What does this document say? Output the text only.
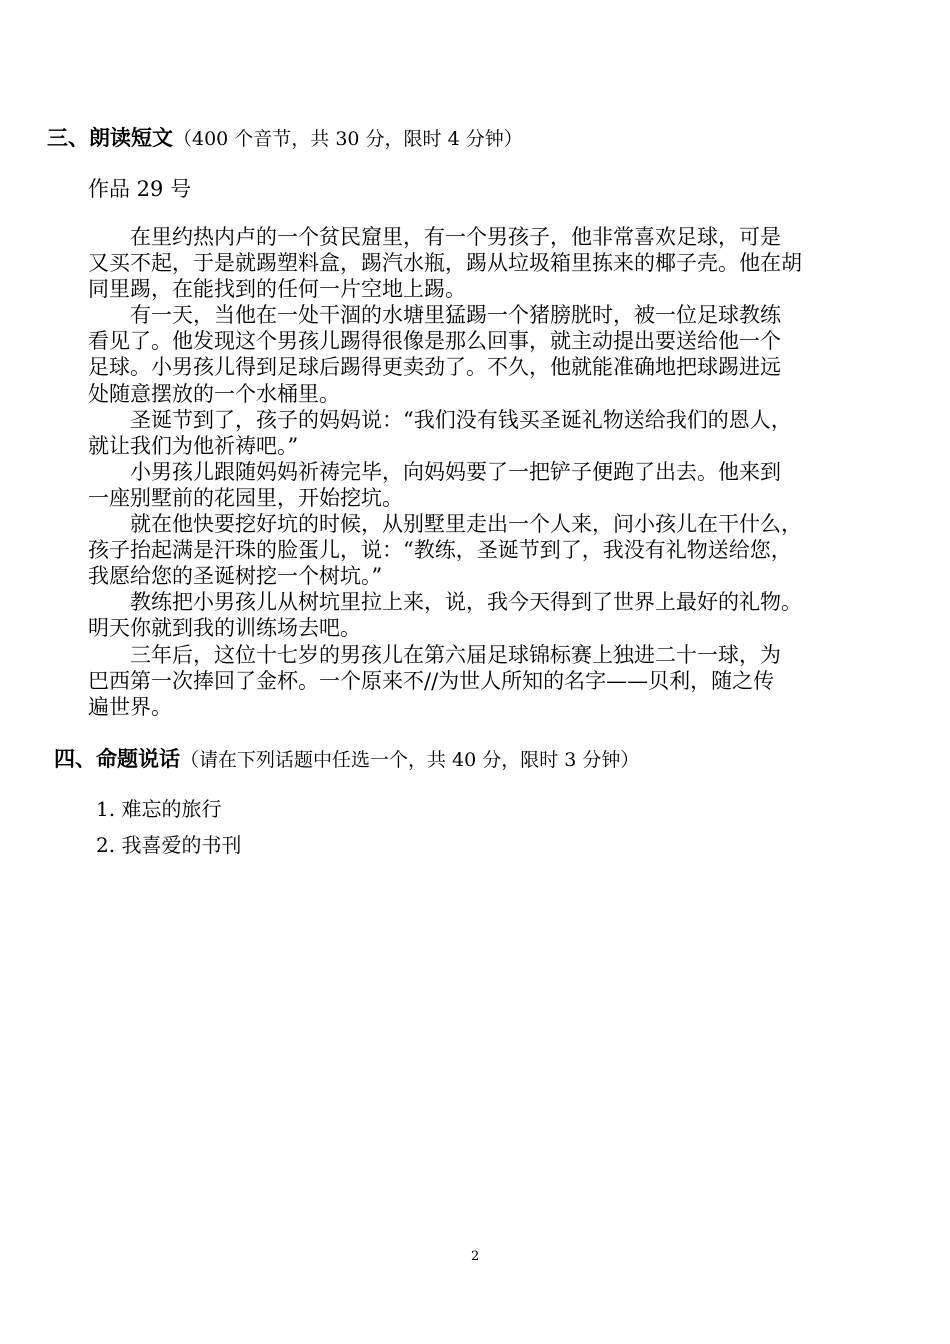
三、朗读短文（400 个音节，共 30 分，限时 4 分钟）
作品 29 号

在里约热内卢的一个贫民窟里，有一个男孩子，他非常喜欢足球，可是
又买不起，于是就踢塑料盒，踢汽水瓶，踢从垃圾箱里拣来的椰子壳。他在胡
同里踢，在能找到的任何一片空地上踢。

有一天，当他在一处干涸的水塘里猛踢一个猪膀胱时，被一位足球教练
看见了。他发现这个男孩儿踢得很像是那么回事，就主动提出要送给他一个
足球。小男孩儿得到足球后踢得更卖劲了。不久，他就能准确地把球踢进远
处随意摆放的一个水桶里。

圣诞节到了，孩子的妈妈说：“我们没有钱买圣诞礼物送给我们的恩人，
就让我们为他祈祷吧。”

小男孩儿跟随妈妈祈祷完毕，向妈妈要了一把铲子便跑了出去。他来到
一座别墅前的花园里，开始挖坑。

就在他快要挖好坑的时候，从别墅里走出一个人来，问小孩儿在干什么，
孩子抬起满是汗珠的脸蛋儿，说：“教练，圣诞节到了，我没有礼物送给您，
我愿给您的圣诞树挖一个树坑。”

教练把小男孩儿从树坑里拉上来，说，我今天得到了世界上最好的礼物。
明天你就到我的训练场去吧。

三年后，这位十七岁的男孩儿在第六届足球锦标赛上独进二十一球，为
巴西第一次捧回了金杯。一个原来不//为世人所知的名字——贝利，随之传
遍世界。

四、命题说话（请在下列话题中任选一个，共 40 分，限时 3 分钟）
1. 难忘的旅行
2. 我喜爱的书刊
2
